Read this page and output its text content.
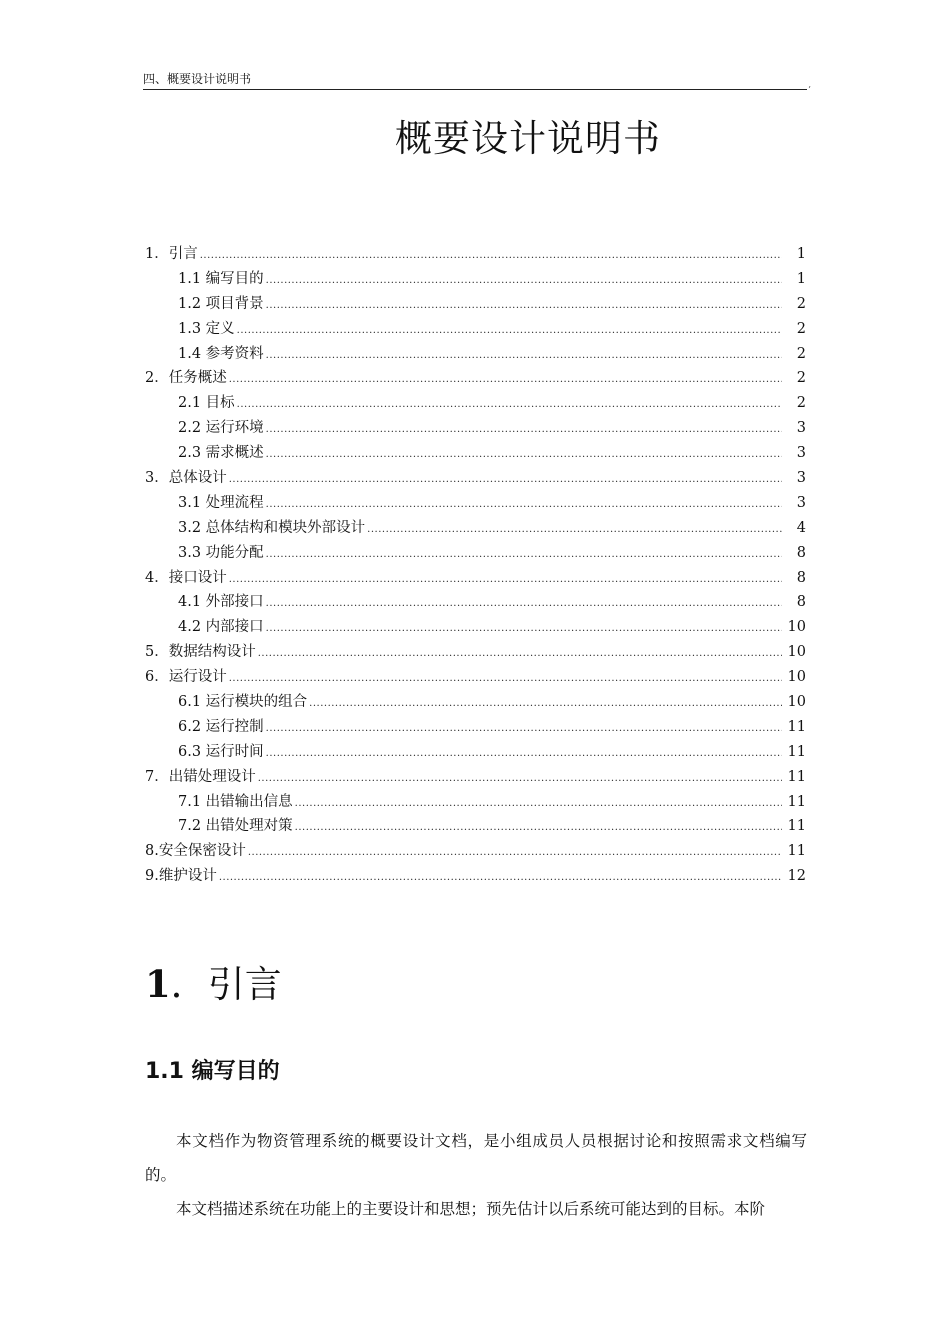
四、概要设计说明书	,
概要设计说明书
1．引言 .....	1
1.1 编写目的 .....	1
1.2 项目背景 .....	2
1.3 定义 .....	2
1.4 参考资料 .....	2
2．任务概述 .....	2
2.1 目标 .....	2
2.2 运行环境 .....	3
2.3 需求概述 .....	3
3．总体设计 .....	3
3.1 处理流程 .....	3
3.2 总体结构和模块外部设计 .....	4
3.3 功能分配 .....	8
4．接口设计 .....	8
4.1 外部接口 .....	8
4.2 内部接口 .....	10
5．数据结构设计 .....	10
6．运行设计 .....	10
6.1 运行模块的组合 .....	10
6.2 运行控制 .....	11
6.3 运行时间 .....	11
7．出错处理设计 .....	11
7.1 出错输出信息 .....	11
7.2 出错处理对策 .....	11
8.安全保密设计 .....	11
9.维护设计 .....	12
1．引言
1.1 编写目的

本文档作为物资管理系统的概要设计文档，是小组成员人员根据讨论和按照需求文档编写的。

本文档描述系统在功能上的主要设计和思想；预先估计以后系统可能达到的目标。本阶
